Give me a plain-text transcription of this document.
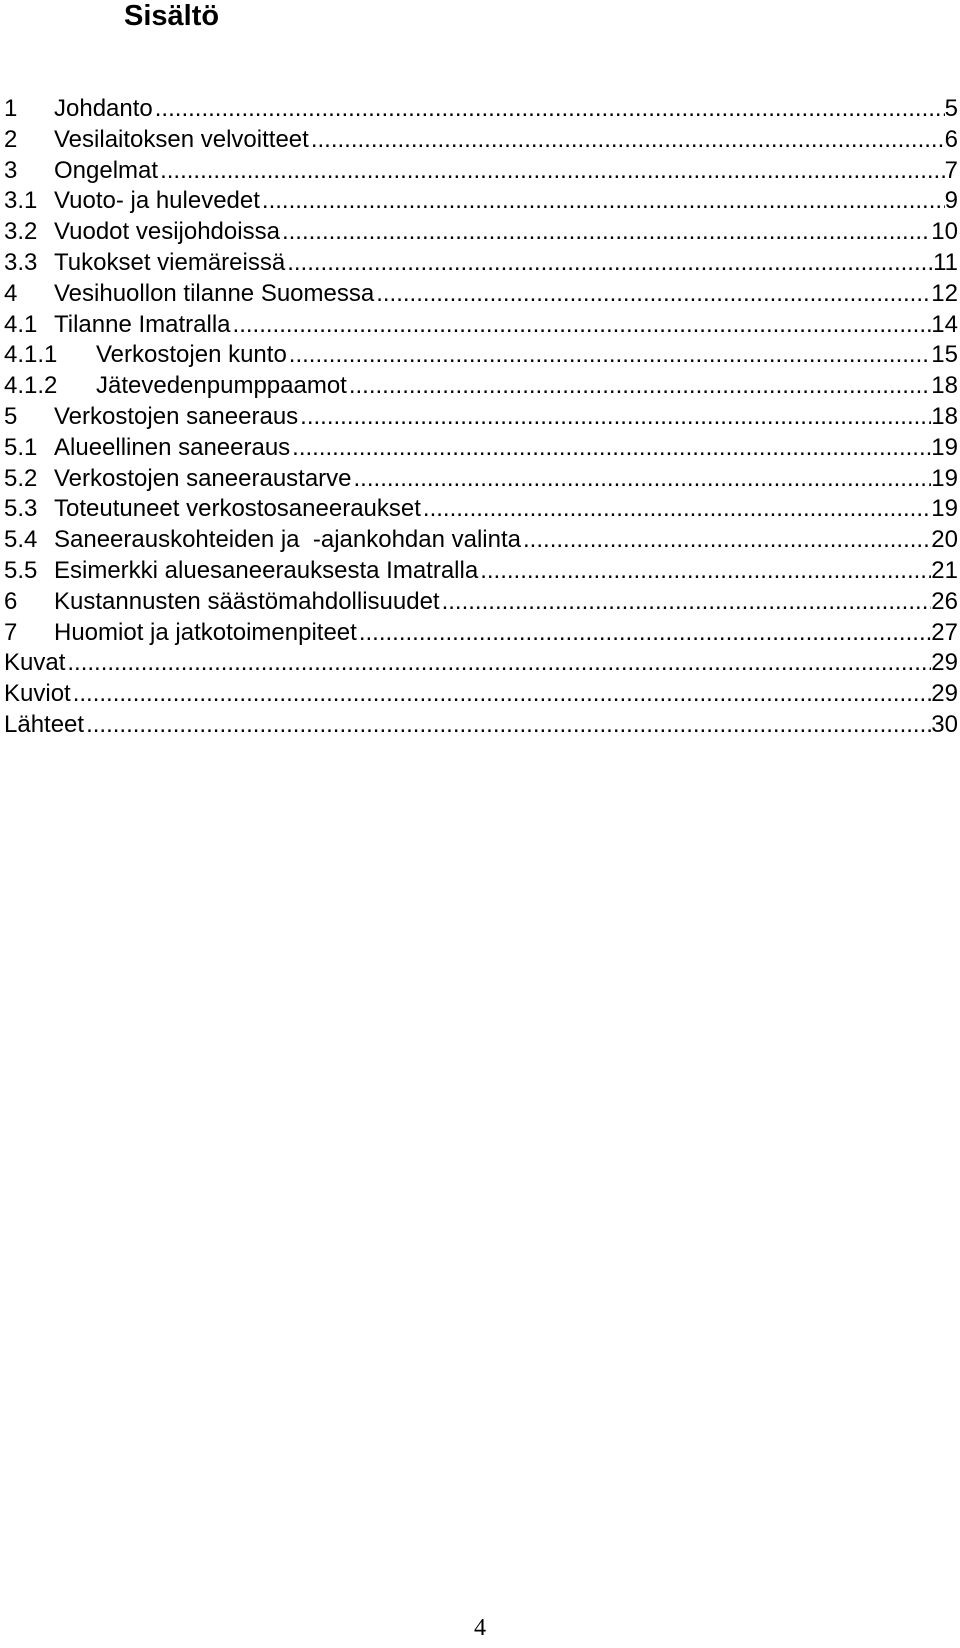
Sisältö
1 Johdanto .....	5
2 Vesilaitoksen velvoitteet .....	6
3 Ongelmat .....	7
3.1 Vuoto- ja hulevedet .....	9
3.2 Vuodot vesijohdoissa .....	10
3.3 Tukokset viemäreissä .....	11
4 Vesihuollon tilanne Suomessa .....	12
4.1 Tilanne Imatralla .....	14
4.1.1 Verkostojen kunto .....	15
4.1.2 Jätevedenpumppaamot .....	18
5 Verkostojen saneeraus .....	18
5.1 Alueellinen saneeraus .....	19
5.2 Verkostojen saneeraustarve .....	19
5.3 Toteutuneet verkostosaneeraukset .....	19
5.4 Saneerauskohteiden ja  -ajankohdan valinta .....	20
5.5 Esimerkki aluesaneerauksesta Imatralla .....	21
6 Kustannusten säästömahdollisuudet .....	26
7 Huomiot ja jatkotoimenpiteet .....	27
Kuvat .....	29
Kuviot .....	29
Lähteet .....	30
4
